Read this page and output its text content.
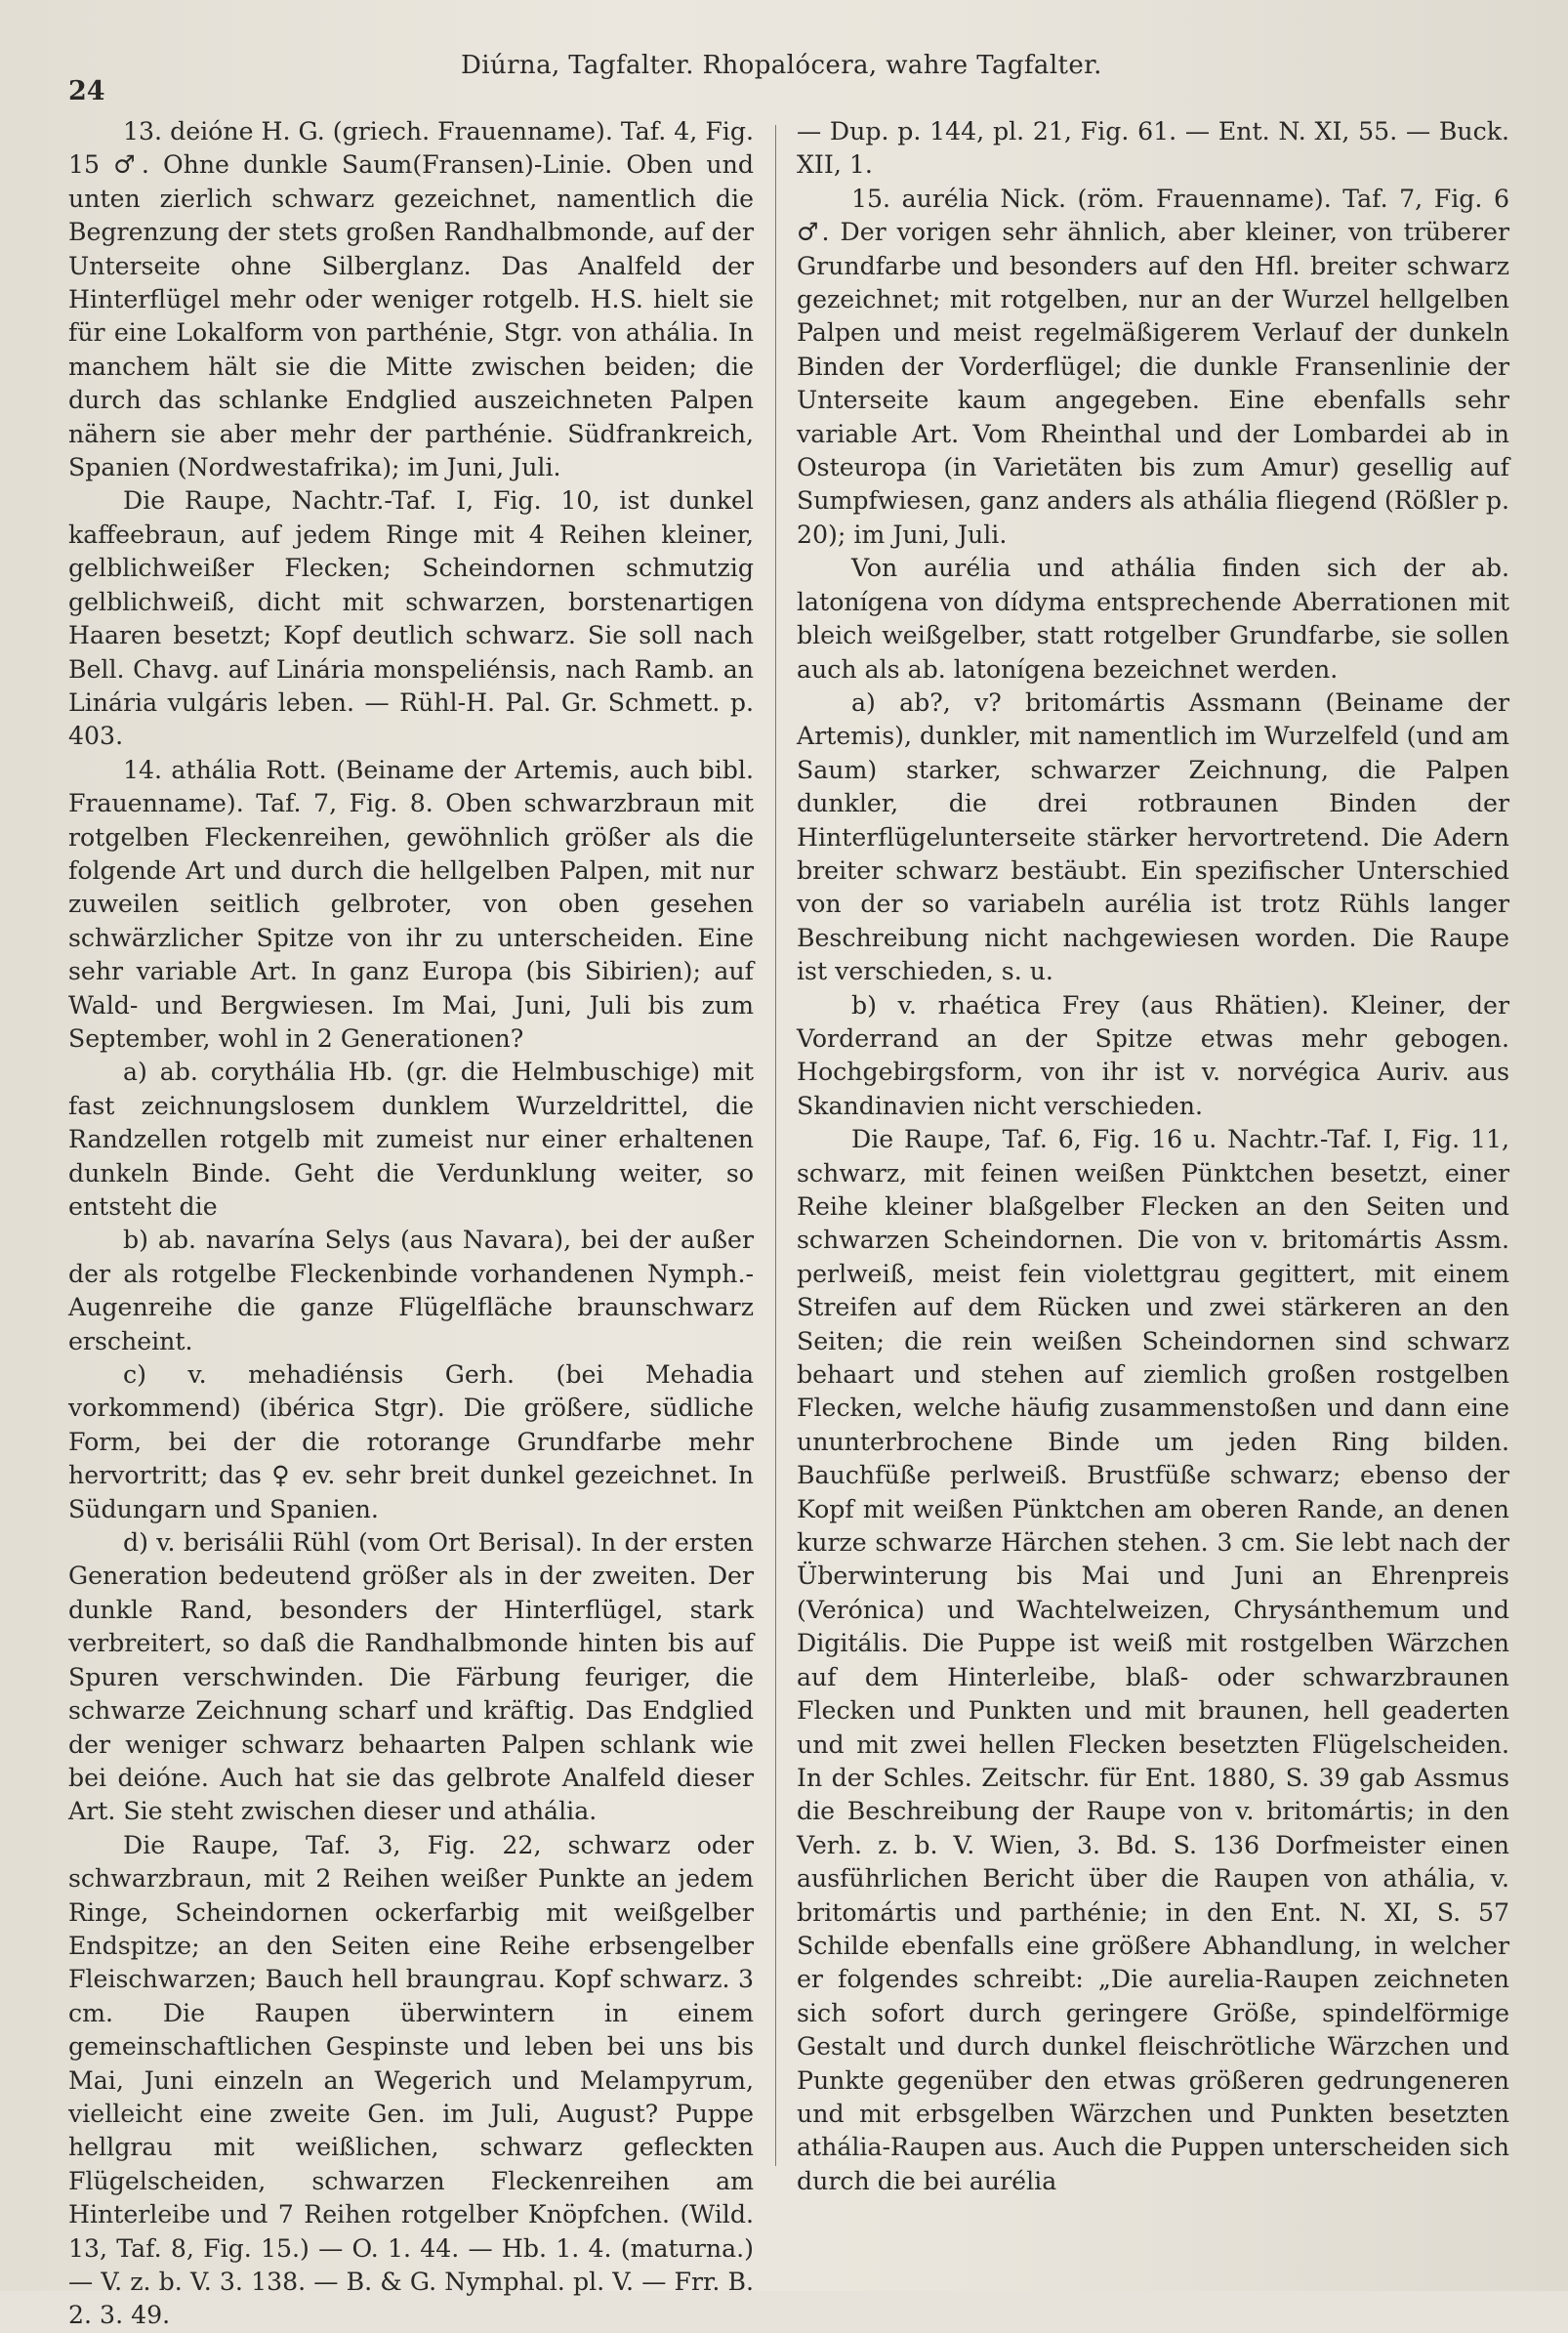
24
Diúrna, Tagfalter. Rhopalócera, wahre Tagfalter.

13. deióne H. G. (griech. Frauenname). Taf. 4, Fig. 15 ♂. Ohne dunkle Saum(Fransen)-Linie. Oben und unten zierlich schwarz gezeichnet, namentlich die Begrenzung der stets großen Randhalbmonde, auf der Unterseite ohne Silberglanz. Das Analfeld der Hinterflügel mehr oder weniger rotgelb. H.S. hielt sie für eine Lokalform von parthénie, Stgr. von athália. In manchem hält sie die Mitte zwischen beiden; die durch das schlanke Endglied auszeichneten Palpen nähern sie aber mehr der parthénie. Südfrankreich, Spanien (Nordwestafrika); im Juni, Juli.

Die Raupe, Nachtr.-Taf. I, Fig. 10, ist dunkel kaffeebraun, auf jedem Ringe mit 4 Reihen kleiner, gelblichweißer Flecken; Scheindornen schmutzig gelblichweiß, dicht mit schwarzen, borstenartigen Haaren besetzt; Kopf deutlich schwarz. Sie soll nach Bell. Chavg. auf Linária monspeliénsis, nach Ramb. an Linária vulgáris leben. — Rühl-H. Pal. Gr. Schmett. p. 403.

14. athália Rott. (Beiname der Artemis, auch bibl. Frauenname). Taf. 7, Fig. 8. Oben schwarzbraun mit rotgelben Fleckenreihen, gewöhnlich größer als die folgende Art und durch die hellgelben Palpen, mit nur zuweilen seitlich gelbroter, von oben gesehen schwärzlicher Spitze von ihr zu unterscheiden. Eine sehr variable Art. In ganz Europa (bis Sibirien); auf Wald- und Bergwiesen. Im Mai, Juni, Juli bis zum September, wohl in 2 Generationen?

a) ab. corythália Hb. (gr. die Helmbuschige) mit fast zeichnungslosem dunklem Wurzeldrittel, die Randzellen rotgelb mit zumeist nur einer erhaltenen dunkeln Binde. Geht die Verdunklung weiter, so entsteht die

b) ab. navarína Selys (aus Navara), bei der außer der als rotgelbe Fleckenbinde vorhandenen Nymph.-Augenreihe die ganze Flügelfläche braunschwarz erscheint.

c) v. mehadiénsis Gerh. (bei Mehadia vorkommend) (ibérica Stgr). Die größere, südliche Form, bei der die rotorange Grundfarbe mehr hervortritt; das ♀ ev. sehr breit dunkel gezeichnet. In Südungarn und Spanien.

d) v. berisálii Rühl (vom Ort Berisal). In der ersten Generation bedeutend größer als in der zweiten. Der dunkle Rand, besonders der Hinterflügel, stark verbreitert, so daß die Randhalbmonde hinten bis auf Spuren verschwinden. Die Färbung feuriger, die schwarze Zeichnung scharf und kräftig. Das Endglied der weniger schwarz behaarten Palpen schlank wie bei deióne. Auch hat sie das gelbrote Analfeld dieser Art. Sie steht zwischen dieser und athália.

Die Raupe, Taf. 3, Fig. 22, schwarz oder schwarzbraun, mit 2 Reihen weißer Punkte an jedem Ringe, Scheindornen ockerfarbig mit weißgelber Endspitze; an den Seiten eine Reihe erbsengelber Fleischwarzen; Bauch hell braungrau. Kopf schwarz. 3 cm. Die Raupen überwintern in einem gemeinschaftlichen Gespinste und leben bei uns bis Mai, Juni einzeln an Wegerich und Melampyrum, vielleicht eine zweite Gen. im Juli, August? Puppe hellgrau mit weißlichen, schwarz gefleckten Flügelscheiden, schwarzen Fleckenreihen am Hinterleibe und 7 Reihen rotgelber Knöpfchen. (Wild. 13, Taf. 8, Fig. 15.) — O. 1. 44. — Hb. 1. 4. (maturna.) — V. z. b. V. 3. 138. — B. & G. Nymphal. pl. V. — Frr. B. 2. 3. 49.

— Dup. p. 144, pl. 21, Fig. 61. — Ent. N. XI, 55. — Buck. XII, 1.

15. aurélia Nick. (röm. Frauenname). Taf. 7, Fig. 6 ♂. Der vorigen sehr ähnlich, aber kleiner, von trüberer Grundfarbe und besonders auf den Hfl. breiter schwarz gezeichnet; mit rotgelben, nur an der Wurzel hellgelben Palpen und meist regelmäßigerem Verlauf der dunkeln Binden der Vorderflügel; die dunkle Fransenlinie der Unterseite kaum angegeben. Eine ebenfalls sehr variable Art. Vom Rheinthal und der Lombardei ab in Osteuropa (in Varietäten bis zum Amur) gesellig auf Sumpfwiesen, ganz anders als athália fliegend (Rößler p. 20); im Juni, Juli.

Von aurélia und athália finden sich der ab. latonígena von dídyma entsprechende Aberrationen mit bleich weißgelber, statt rotgelber Grundfarbe, sie sollen auch als ab. latonígena bezeichnet werden.

a) ab?, v? britomártis Assmann (Beiname der Artemis), dunkler, mit namentlich im Wurzelfeld (und am Saum) starker, schwarzer Zeichnung, die Palpen dunkler, die drei rotbraunen Binden der Hinterflügelunterseite stärker hervortretend. Die Adern breiter schwarz bestäubt. Ein spezifischer Unterschied von der so variabeln aurélia ist trotz Rühls langer Beschreibung nicht nachgewiesen worden. Die Raupe ist verschieden, s. u.

b) v. rhaética Frey (aus Rhätien). Kleiner, der Vorderrand an der Spitze etwas mehr gebogen. Hochgebirgsform, von ihr ist v. norvégica Auriv. aus Skandinavien nicht verschieden.

Die Raupe, Taf. 6, Fig. 16 u. Nachtr.-Taf. I, Fig. 11, schwarz, mit feinen weißen Pünktchen besetzt, einer Reihe kleiner blaßgelber Flecken an den Seiten und schwarzen Scheindornen. Die von v. britomártis Assm. perlweiß, meist fein violettgrau gegittert, mit einem Streifen auf dem Rücken und zwei stärkeren an den Seiten; die rein weißen Scheindornen sind schwarz behaart und stehen auf ziemlich großen rostgelben Flecken, welche häufig zusammenstoßen und dann eine ununterbrochene Binde um jeden Ring bilden. Bauchfüße perlweiß. Brustfüße schwarz; ebenso der Kopf mit weißen Pünktchen am oberen Rande, an denen kurze schwarze Härchen stehen. 3 cm. Sie lebt nach der Überwinterung bis Mai und Juni an Ehrenpreis (Verónica) und Wachtelweizen, Chrysánthemum und Digitális. Die Puppe ist weiß mit rostgelben Wärzchen auf dem Hinterleibe, blaß- oder schwarzbraunen Flecken und Punkten und mit braunen, hell geaderten und mit zwei hellen Flecken besetzten Flügelscheiden. In der Schles. Zeitschr. für Ent. 1880, S. 39 gab Assmus die Beschreibung der Raupe von v. britomártis; in den Verh. z. b. V. Wien, 3. Bd. S. 136 Dorfmeister einen ausführlichen Bericht über die Raupen von athália, v. britomártis und parthénie; in den Ent. N. XI, S. 57 Schilde ebenfalls eine größere Abhandlung, in welcher er folgendes schreibt: „Die aurelia-Raupen zeichneten sich sofort durch geringere Größe, spindelförmige Gestalt und durch dunkel fleischrötliche Wärzchen und Punkte gegenüber den etwas größeren gedrungeneren und mit erbsgelben Wärzchen und Punkten besetzten athália-Raupen aus. Auch die Puppen unterscheiden sich durch die bei aurélia
